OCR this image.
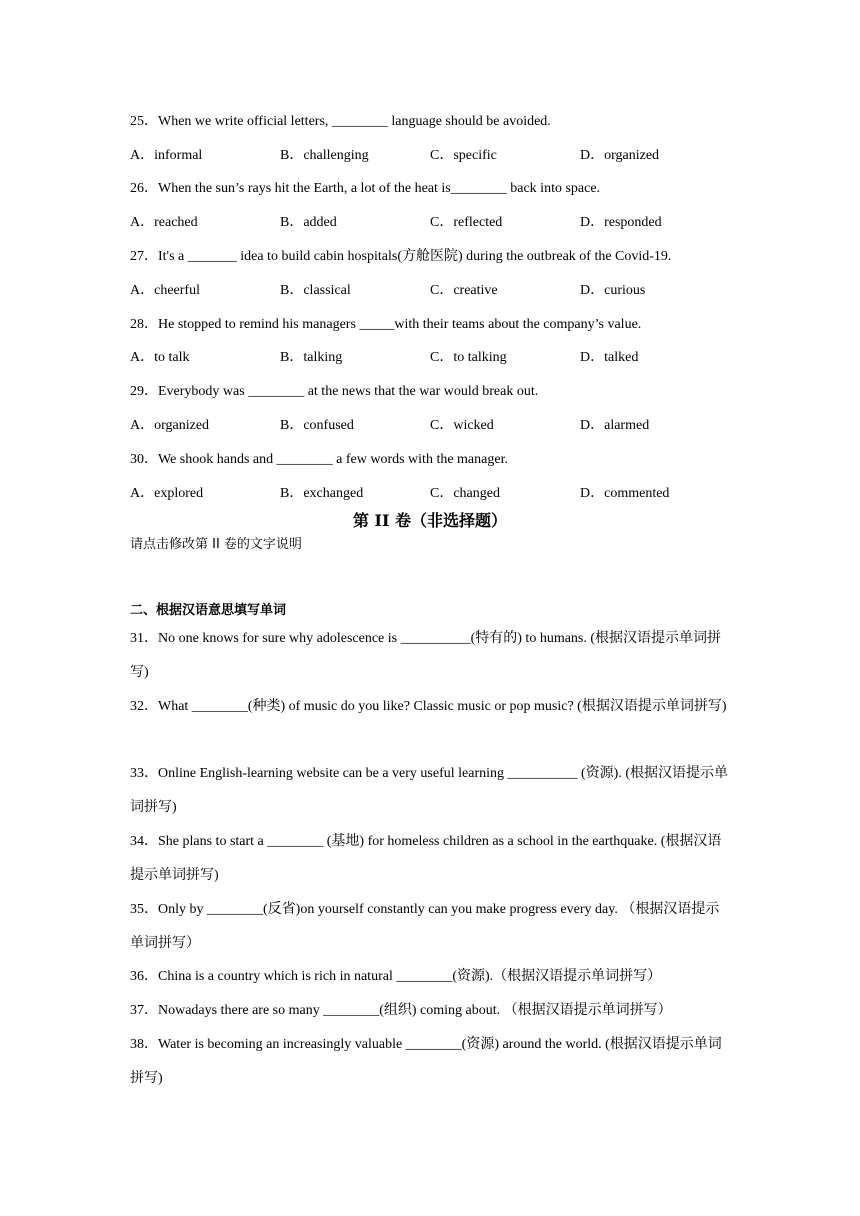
25．When we write official letters, ________ language should be avoided.
A．informal	B．challenging	C．specific	D．organized
26．When the sun’s rays hit the Earth, a lot of the heat is________ back into space.
A．reached	B．added	C．reflected	D．responded
27．It's a _______ idea to build cabin hospitals(方舱医院) during the outbreak of the Covid-19.
A．cheerful	B．classical	C．creative	D．curious
28．He stopped to remind his managers _____with their teams about the company’s value.
A．to talk	B．talking	C．to talking	D．talked
29．Everybody was ________ at the news that the war would break out.
A．organized	B．confused	C．wicked	D．alarmed
30．We shook hands and ________ a few words with the manager.
A．explored	B．exchanged	C．changed	D．commented
第 II 卷（非选择题）
请点击修改第 II 卷的文字说明
二、根据汉语意思填写单词
31．No one knows for sure why adolescence is __________(特有的) to humans. (根据汉语提示单词拼写)
32．What ________(种类) of music do you like? Classic music or pop music? (根据汉语提示单词拼写)
33．Online English-learning website can be a very useful learning __________ (资源). (根据汉语提示单词拼写)
34．She plans to start a ________ (基地) for homeless children as a school in the earthquake. (根据汉语提示单词拼写)
35．Only by ________(反省)on yourself constantly can you make progress every day. （根据汉语提示单词拼写）
36．China is a country which is rich in natural ________(资源).（根据汉语提示单词拼写）
37．Nowadays there are so many ________(组织) coming about. （根据汉语提示单词拼写）
38．Water is becoming an increasingly valuable ________(资源) around the world. (根据汉语提示单词拼写)
